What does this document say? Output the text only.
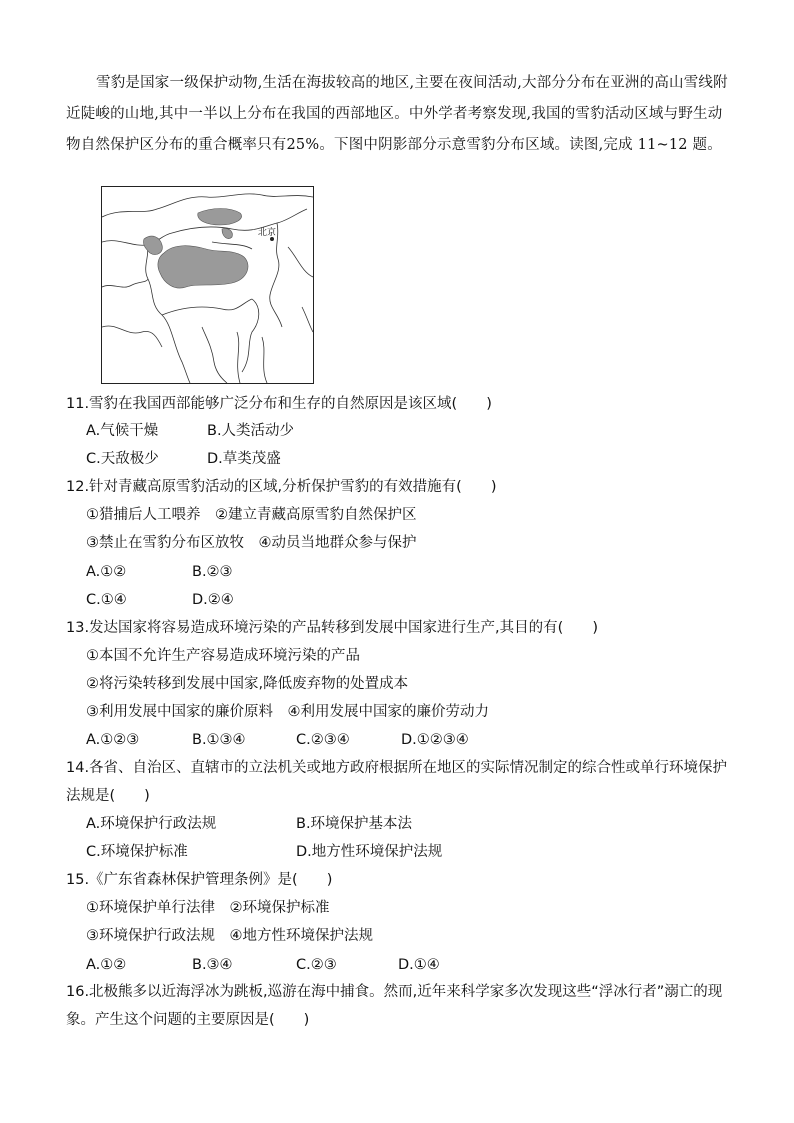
雪豹是国家一级保护动物,生活在海拔较高的地区,主要在夜间活动,大部分分布在亚洲的高山雪线附近陡峻的山地,其中一半以上分布在我国的西部地区。中外学者考察发现,我国的雪豹活动区域与野生动物自然保护区分布的重合概率只有25%。下图中阴影部分示意雪豹分布区域。读图,完成 11~12 题。

北京
11.雪豹在我国西部能够广泛分布和生存的自然原因是该区域(　　)
A.气候干燥	B.人类活动少
C.天敌极少	D.草类茂盛
12.针对青藏高原雪豹活动的区域,分析保护雪豹的有效措施有(　　)
①猎捕后人工喂养　②建立青藏高原雪豹自然保护区
③禁止在雪豹分布区放牧　④动员当地群众参与保护
A.①②	B.②③
C.①④	D.②④
13.发达国家将容易造成环境污染的产品转移到发展中国家进行生产,其目的有(　　)
①本国不允许生产容易造成环境污染的产品
②将污染转移到发展中国家,降低废弃物的处置成本
③利用发展中国家的廉价原料　④利用发展中国家的廉价劳动力
A.①②③	B.①③④	C.②③④	D.①②③④
14.各省、自治区、直辖市的立法机关或地方政府根据所在地区的实际情况制定的综合性或单行环境保护法规是(　　)
A.环境保护行政法规	B.环境保护基本法
C.环境保护标准	D.地方性环境保护法规
15.《广东省森林保护管理条例》是(　　)
①环境保护单行法律　②环境保护标准
③环境保护行政法规　④地方性环境保护法规
A.①②	B.③④	C.②③	D.①④
16.北极熊多以近海浮冰为跳板,巡游在海中捕食。然而,近年来科学家多次发现这些“浮冰行者”溺亡的现象。产生这个问题的主要原因是(　　)
